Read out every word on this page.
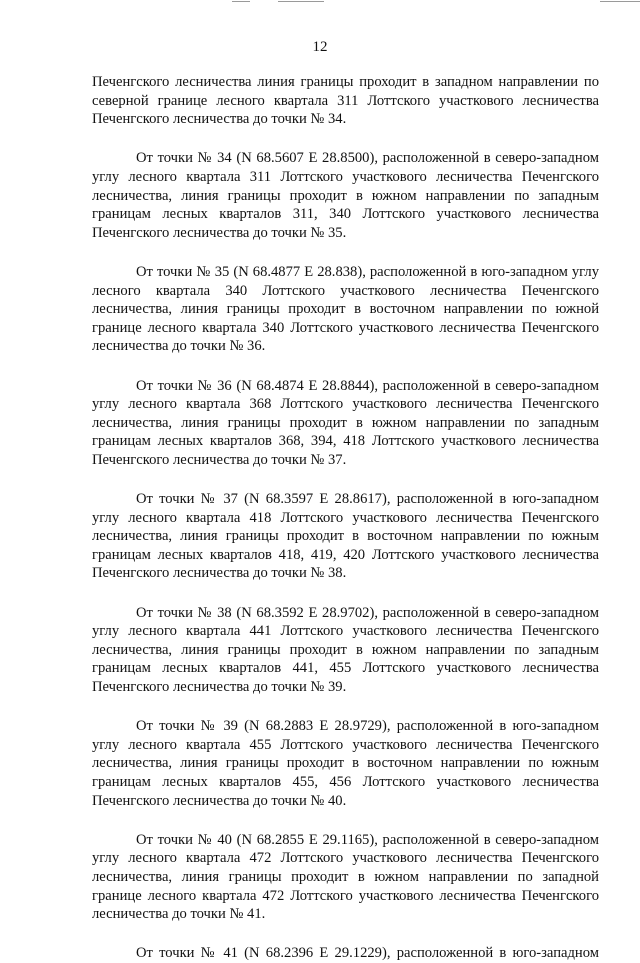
12

Печенгского лесничества линия границы проходит в западном направлении по северной границе лесного квартала 311 Лоттского участкового лесничества Печенгского лесничества до точки № 34.

От точки № 34 (N 68.5607 E 28.8500), расположенной в северо-западном углу лесного квартала 311 Лоттского участкового лесничества Печенгского лесничества, линия границы проходит в южном направлении по западным границам лесных кварталов 311, 340 Лоттского участкового лесничества Печенгского лесничества до точки № 35.

От точки № 35 (N 68.4877 E 28.838), расположенной в юго-западном углу лесного квартала 340 Лоттского участкового лесничества Печенгского лесничества, линия границы проходит в восточном направлении по южной границе лесного квартала 340 Лоттского участкового лесничества Печенгского лесничества до точки № 36.

От точки № 36 (N 68.4874 E 28.8844), расположенной в северо-западном углу лесного квартала 368 Лоттского участкового лесничества Печенгского лесничества, линия границы проходит в южном направлении по западным границам лесных кварталов 368, 394, 418 Лоттского участкового лесничества Печенгского лесничества до точки № 37.

От точки № 37 (N 68.3597 E 28.8617), расположенной в юго-западном углу лесного квартала 418 Лоттского участкового лесничества Печенгского лесничества, линия границы проходит в восточном направлении по южным границам лесных кварталов 418, 419, 420 Лоттского участкового лесничества Печенгского лесничества до точки № 38.

От точки № 38 (N 68.3592 E 28.9702), расположенной в северо-западном углу лесного квартала 441 Лоттского участкового лесничества Печенгского лесничества, линия границы проходит в южном направлении по западным границам лесных кварталов 441, 455 Лоттского участкового лесничества Печенгского лесничества до точки № 39.

От точки № 39 (N 68.2883 E 28.9729), расположенной в юго-западном углу лесного квартала 455 Лоттского участкового лесничества Печенгского лесничества, линия границы проходит в восточном направлении по южным границам лесных кварталов 455, 456 Лоттского участкового лесничества Печенгского лесничества до точки № 40.

От точки № 40 (N 68.2855 E 29.1165), расположенной в северо-западном углу лесного квартала 472 Лоттского участкового лесничества Печенгского лесничества, линия границы проходит в южном направлении по западной границе лесного квартала 472 Лоттского участкового лесничества Печенгского лесничества до точки № 41.

От точки № 41 (N 68.2396 E 29.1229), расположенной в юго-западном
